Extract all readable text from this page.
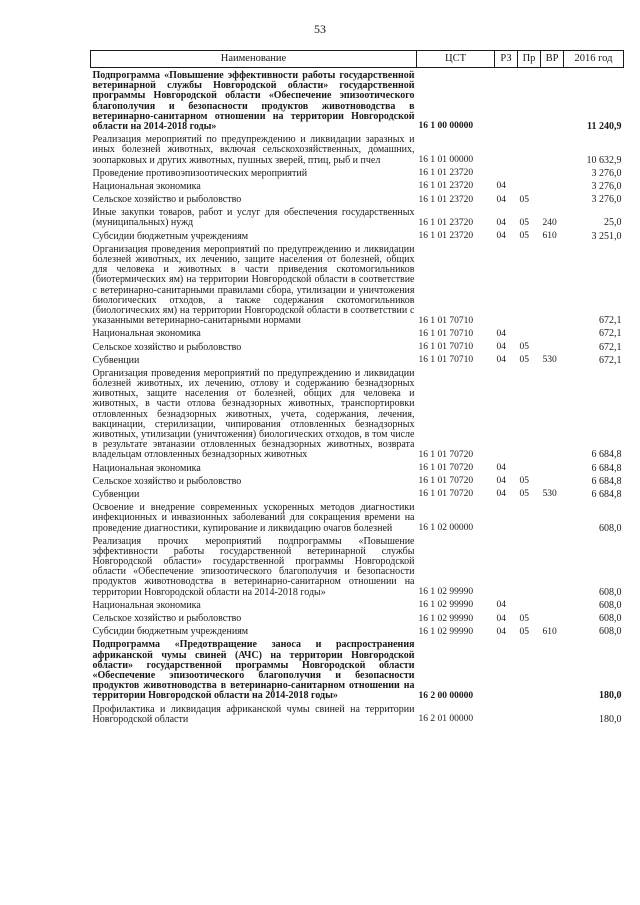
53
Наименование	ЦСТ	РЗ	Пр	ВР	2016 год
Подпрограмма «Повышение эффективности работы государственной ветеринарной службы Новгородской области» государственной программы Новгородской области «Обеспечение эпизоотического благополучия и безопасности продуктов животноводства в ветеринарно-санитарном отношении на территории Новгородской области на 2014-2018 годы»	16 1 00 00000				11 240,9
Реализация мероприятий по предупреждению и ликвидации заразных и иных болезней животных, включая сельскохозяйственных, домашних, зоопарковых и других животных, пушных зверей, птиц, рыб и пчел	16 1 01 00000				10 632,9
Проведение противоэпизоотических мероприятий	16 1 01 23720				3 276,0
Национальная экономика	16 1 01 23720	04			3 276,0
Сельское хозяйство и рыболовство	16 1 01 23720	04	05		3 276,0
Иные закупки товаров, работ и услуг для обеспечения государственных (муниципальных) нужд	16 1 01 23720	04	05	240	25,0
Субсидии бюджетным учреждениям	16 1 01 23720	04	05	610	3 251,0
Организация проведения мероприятий по предупреждению и ликвидации болезней животных, их лечению, защите населения от болезней, общих для человека и животных в части приведения скотомогильников (биотермических ям) на территории Новгородской области в соответствие с ветеринарно-санитарными правилами сбора, утилизации и уничтожения биологических отходов, а также содержания скотомогильников (биологических ям) на территории Новгородской области в соответствии с указанными ветеринарно-санитарными нормами	16 1 01 70710				672,1
Национальная экономика	16 1 01 70710	04			672,1
Сельское хозяйство и рыболовство	16 1 01 70710	04	05		672,1
Субвенции	16 1 01 70710	04	05	530	672,1
Организация проведения мероприятий по предупреждению и ликвидации болезней животных, их лечению, отлову и содержанию безнадзорных животных, защите населения от болезней, общих для человека и животных, в части отлова безнадзорных животных, транспортировки отловленных безнадзорных животных, учета, содержания, лечения, вакцинации, стерилизации, чипирования отловленных безнадзорных животных, утилизации (уничтожения) биологических отходов, в том числе в результате эвтаназии отловленных безнадзорных животных, возврата владельцам отловленных безнадзорных животных	16 1 01 70720				6 684,8
Национальная экономика	16 1 01 70720	04			6 684,8
Сельское хозяйство и рыболовство	16 1 01 70720	04	05		6 684,8
Субвенции	16 1 01 70720	04	05	530	6 684,8
Освоение и внедрение современных ускоренных методов диагностики инфекционных и инвазионных заболеваний для сокращения времени на проведение диагностики, купирование и ликвидацию очагов болезней	16 1 02 00000				608,0
Реализация прочих мероприятий подпрограммы «Повышение эффективности работы государственной ветеринарной службы Новгородской области» государственной программы Новгородской области «Обеспечение эпизоотического благополучия и безопасности продуктов животноводства в ветеринарно-санитарном отношении на территории Новгородской области на 2014-2018 годы»	16 1 02 99990				608,0
Национальная экономика	16 1 02 99990	04			608,0
Сельское хозяйство и рыболовство	16 1 02 99990	04	05		608,0
Субсидии бюджетным учреждениям	16 1 02 99990	04	05	610	608,0
Подпрограмма «Предотвращение заноса и распространения африканской чумы свиней (АЧС) на территории Новгородской области» государственной программы Новгородской области «Обеспечение эпизоотического благополучия и безопасности продуктов животноводства в ветеринарно-санитарном отношении на территории Новгородской области на 2014-2018 годы»	16 2 00 00000				180,0
Профилактика и ликвидация африканской чумы свиней на территории Новгородской области	16 2 01 00000				180,0
